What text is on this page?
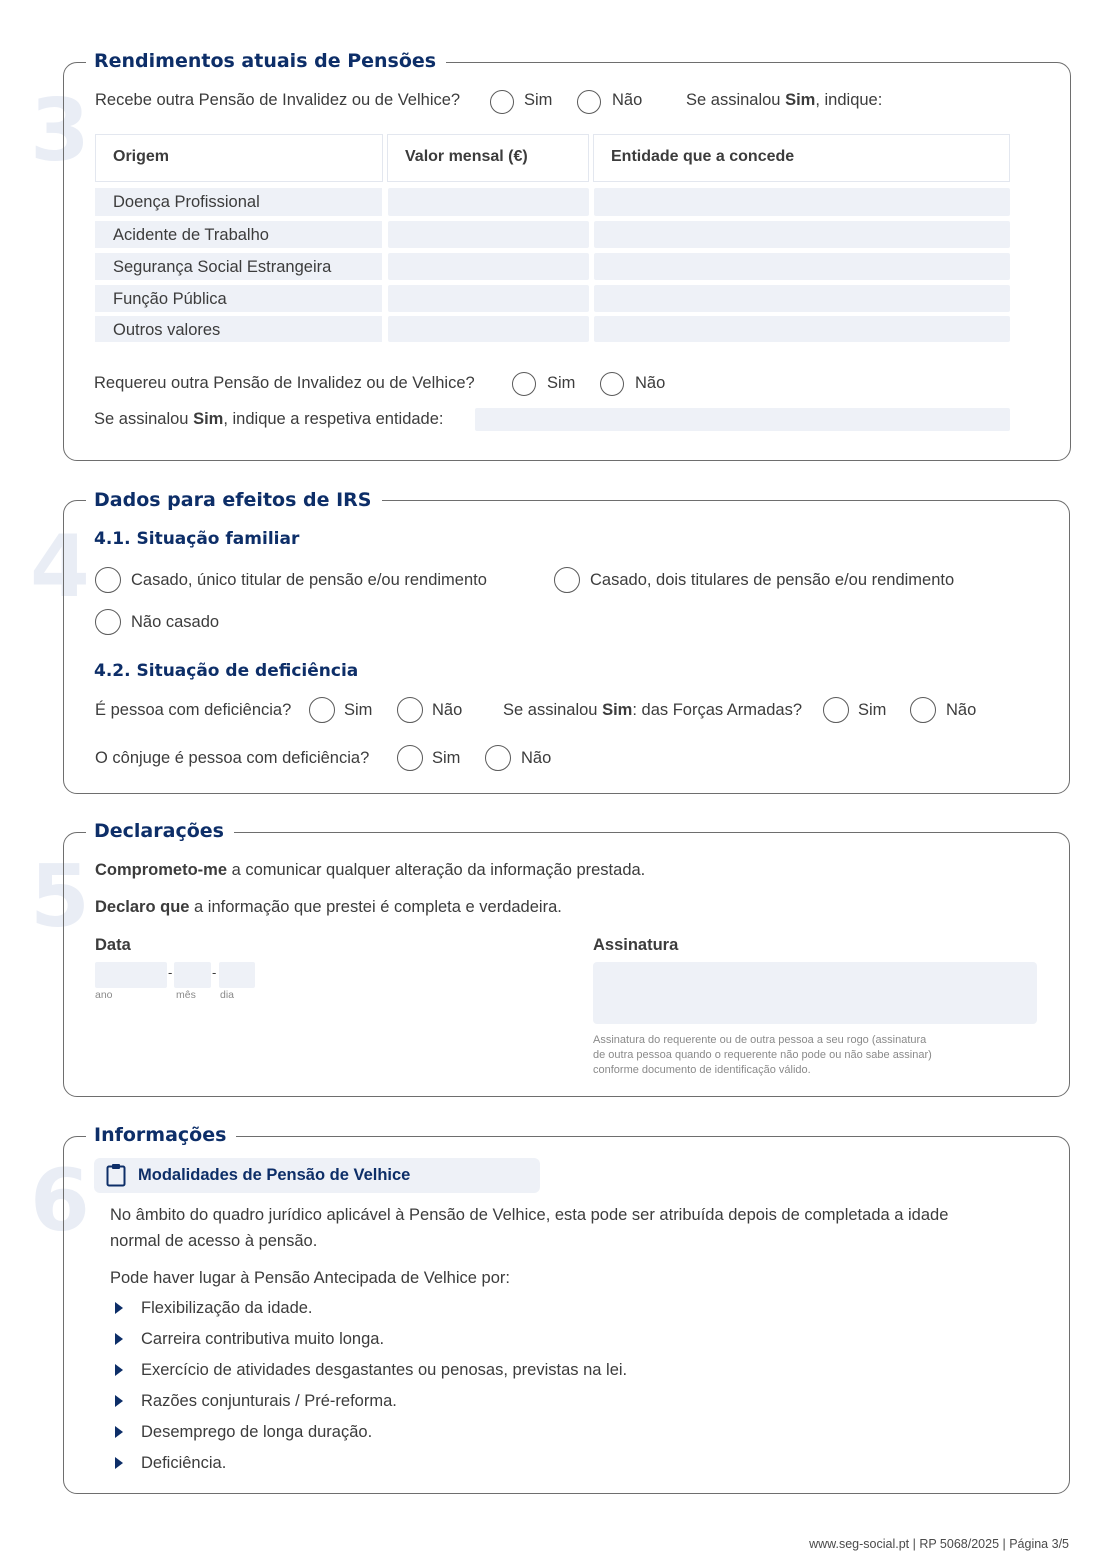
3
Rendimentos atuais de Pensões
Recebe outra Pensão de Invalidez ou de Velhice?	Sim	Não	Se assinalou Sim, indique:
Origem	Valor mensal (€)	Entidade que a concede
Doença Profissional
Acidente de Trabalho
Segurança Social Estrangeira
Função Pública
Outros valores
Requereu outra Pensão de Invalidez ou de Velhice?	Sim	Não
Se assinalou Sim, indique a respetiva entidade:
4
Dados para efeitos de IRS
4.1. Situação familiar
Casado, único titular de pensão e/ou rendimento	Casado, dois titulares de pensão e/ou rendimento
Não casado
4.2. Situação de deficiência
É pessoa com deficiência?	Sim	Não Se assinalou Sim: das Forças Armadas?	Sim	Não
O cônjuge é pessoa com deficiência?	Sim	Não
5
Declarações
Comprometo-me a comunicar qualquer alteração da informação prestada.
Declaro que a informação que prestei é completa e verdadeira.
Data
-	-
ano	mês dia
Assinatura
Assinatura do requerente ou de outra pessoa a seu rogo (assinatura
de outra pessoa quando o requerente não pode ou não sabe assinar)
conforme documento de identificação válido.
6
Informações
Modalidades de Pensão de Velhice
No âmbito do quadro jurídico aplicável à Pensão de Velhice, esta pode ser atribuída depois de completada a idade
normal de acesso à pensão.
Pode haver lugar à Pensão Antecipada de Velhice por:
Flexibilização da idade.
Carreira contributiva muito longa.
Exercício de atividades desgastantes ou penosas, previstas na lei.
Razões conjunturais / Pré-reforma.
Desemprego de longa duração.
Deficiência.
www.seg-social.pt | RP 5068/2025 | Página 3/5
